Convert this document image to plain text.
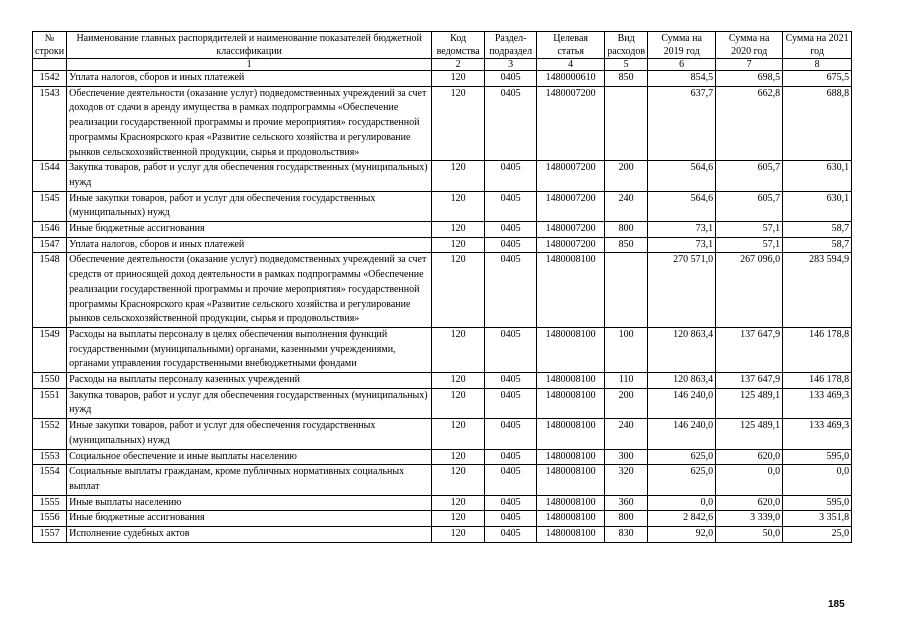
№ строки	Наименование главных распорядителей и наименование показателей бюджетной классификации	Код ведомства	Раздел-подраздел	Целевая статья	Вид расходов	Сумма на 2019 год	Сумма на 2020 год	Сумма на 2021 год
	1	2	3	4	5	6	7	8
1542	Уплата налогов, сборов и иных платежей	120	0405	1480000610	850	854,5	698,5	675,5
1543	Обеспечение деятельности (оказание услуг) подведомственных учреждений за счет доходов от сдачи в аренду имущества в рамках подпрограммы «Обеспечение реализации государственной программы и прочие мероприятия» государственной программы Красноярского края «Развитие сельского хозяйства и регулирование рынков сельскохозяйственной продукции, сырья и продовольствия»	120	0405	1480007200		637,7	662,8	688,8
1544	Закупка товаров, работ и услуг для обеспечения государственных (муниципальных) нужд	120	0405	1480007200	200	564,6	605,7	630,1
1545	Иные закупки товаров, работ и услуг для обеспечения государственных (муниципальных) нужд	120	0405	1480007200	240	564,6	605,7	630,1
1546	Иные бюджетные ассигнования	120	0405	1480007200	800	73,1	57,1	58,7
1547	Уплата налогов, сборов и иных платежей	120	0405	1480007200	850	73,1	57,1	58,7
1548	Обеспечение деятельности (оказание услуг) подведомственных учреждений за счет средств от приносящей доход деятельности в рамках подпрограммы «Обеспечение реализации государственной программы и прочие мероприятия» государственной программы Красноярского края «Развитие сельского хозяйства и регулирование рынков сельскохозяйственной продукции, сырья и продовольствия»	120	0405	1480008100		270 571,0	267 096,0	283 594,9
1549	Расходы на выплаты персоналу в целях обеспечения выполнения функций государственными (муниципальными) органами, казенными учреждениями, органами управления государственными внебюджетными фондами	120	0405	1480008100	100	120 863,4	137 647,9	146 178,8
1550	Расходы на выплаты персоналу казенных учреждений	120	0405	1480008100	110	120 863,4	137 647,9	146 178,8
1551	Закупка товаров, работ и услуг для обеспечения государственных (муниципальных) нужд	120	0405	1480008100	200	146 240,0	125 489,1	133 469,3
1552	Иные закупки товаров, работ и услуг для обеспечения государственных (муниципальных) нужд	120	0405	1480008100	240	146 240,0	125 489,1	133 469,3
1553	Социальное обеспечение и иные выплаты населению	120	0405	1480008100	300	625,0	620,0	595,0
1554	Социальные выплаты гражданам, кроме публичных нормативных социальных выплат	120	0405	1480008100	320	625,0	0,0	0,0
1555	Иные выплаты населению	120	0405	1480008100	360	0,0	620,0	595,0
1556	Иные бюджетные ассигнования	120	0405	1480008100	800	2 842,6	3 339,0	3 351,8
1557	Исполнение судебных актов	120	0405	1480008100	830	92,0	50,0	25,0
185
